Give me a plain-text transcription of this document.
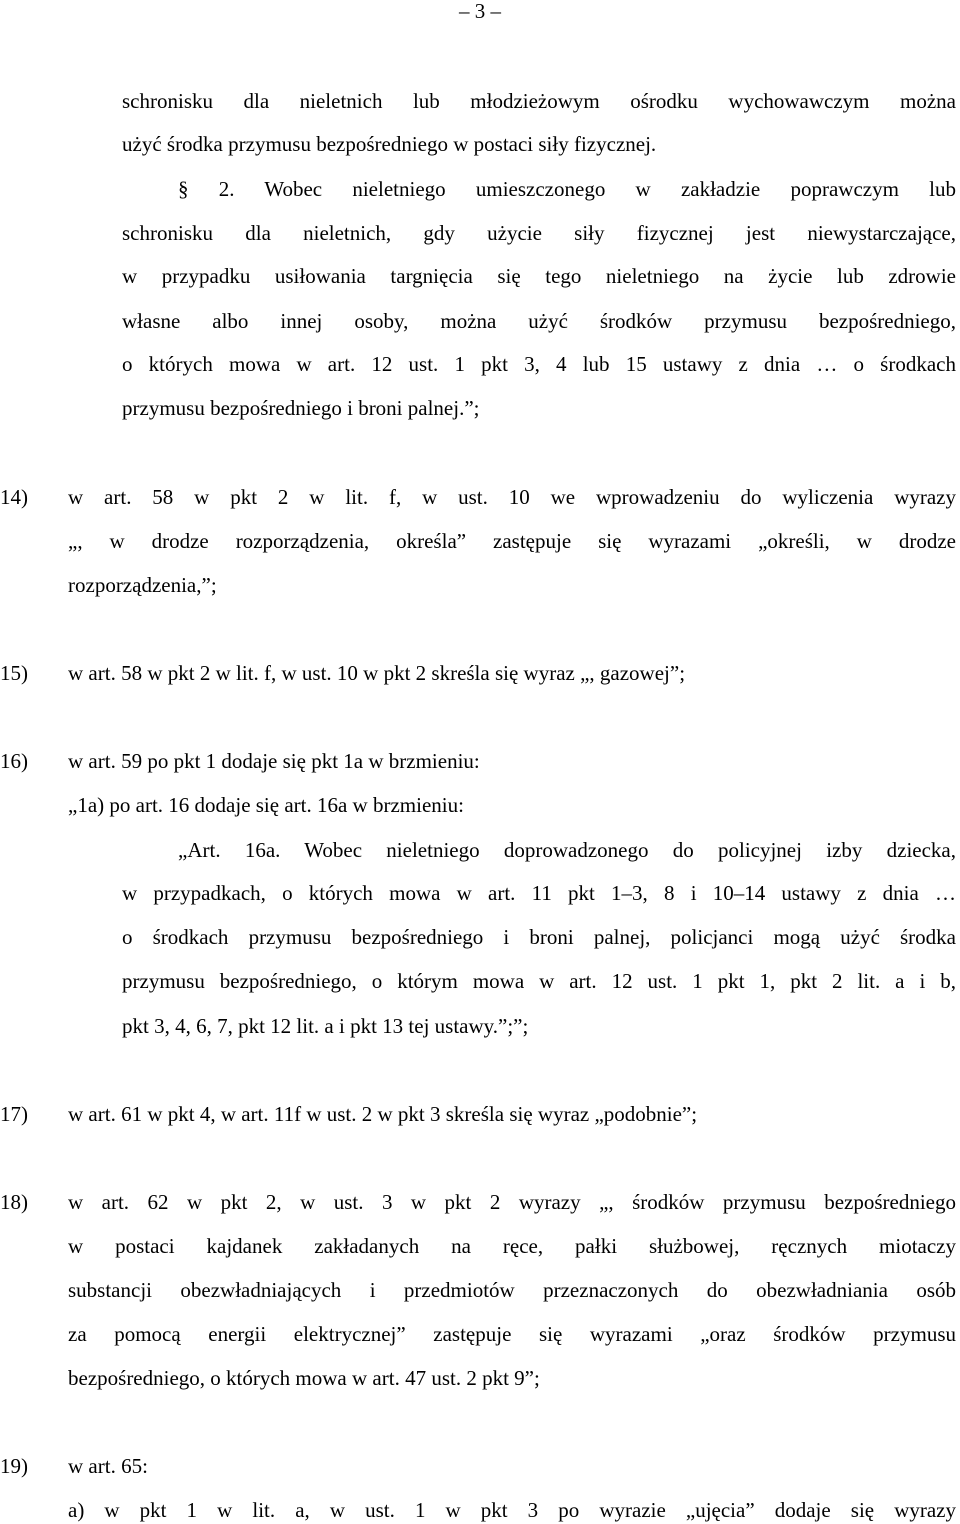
– 3 –
schronisku dla nieletnich lub młodzieżowym ośrodku wychowawczym można
użyć środka przymusu bezpośredniego w postaci siły fizycznej.
§ 2. Wobec nieletniego umieszczonego w zakładzie poprawczym lub
schronisku dla nieletnich, gdy użycie siły fizycznej jest niewystarczające,
w przypadku usiłowania targnięcia się tego nieletniego na życie lub zdrowie
własne albo innej osoby, można użyć środków przymusu bezpośredniego,
o których mowa w art. 12 ust. 1 pkt 3, 4 lub 15 ustawy z dnia … o środkach
przymusu bezpośredniego i broni palnej.”;
14) w art. 58 w pkt 2 w lit. f, w ust. 10 we wprowadzeniu do wyliczenia wyrazy
„, w drodze rozporządzenia, określa” zastępuje się wyrazami „określi, w drodze
rozporządzenia,”;
15) w art. 58 w pkt 2 w lit. f, w ust. 10 w pkt 2 skreśla się wyraz „, gazowej”;
16) w art. 59 po pkt 1 dodaje się pkt 1a w brzmieniu:
„1a) po art. 16 dodaje się art. 16a w brzmieniu:
„Art. 16a. Wobec nieletniego doprowadzonego do policyjnej izby dziecka,
w przypadkach, o których mowa w art. 11 pkt 1–3, 8 i 10–14 ustawy z dnia …
o środkach przymusu bezpośredniego i broni palnej, policjanci mogą użyć środka
przymusu bezpośredniego, o którym mowa w art. 12 ust. 1 pkt 1, pkt 2 lit. a i b,
pkt 3, 4, 6, 7, pkt 12 lit. a i pkt 13 tej ustawy.”;”;
17) w art. 61 w pkt 4, w art. 11f w ust. 2 w pkt 3 skreśla się wyraz „podobnie”;
18) w art. 62 w pkt 2, w ust. 3 w pkt 2 wyrazy „, środków przymusu bezpośredniego
w postaci kajdanek zakładanych na ręce, pałki służbowej, ręcznych miotaczy
substancji obezwładniających i przedmiotów przeznaczonych do obezwładniania osób
za pomocą energii elektrycznej” zastępuje się wyrazami „oraz środków przymusu
bezpośredniego, o których mowa w art. 47 ust. 2 pkt 9”;
19) w art. 65:
a) w pkt 1 w lit. a, w ust. 1 w pkt 3 po wyrazie „ujęcia” dodaje się wyrazy
